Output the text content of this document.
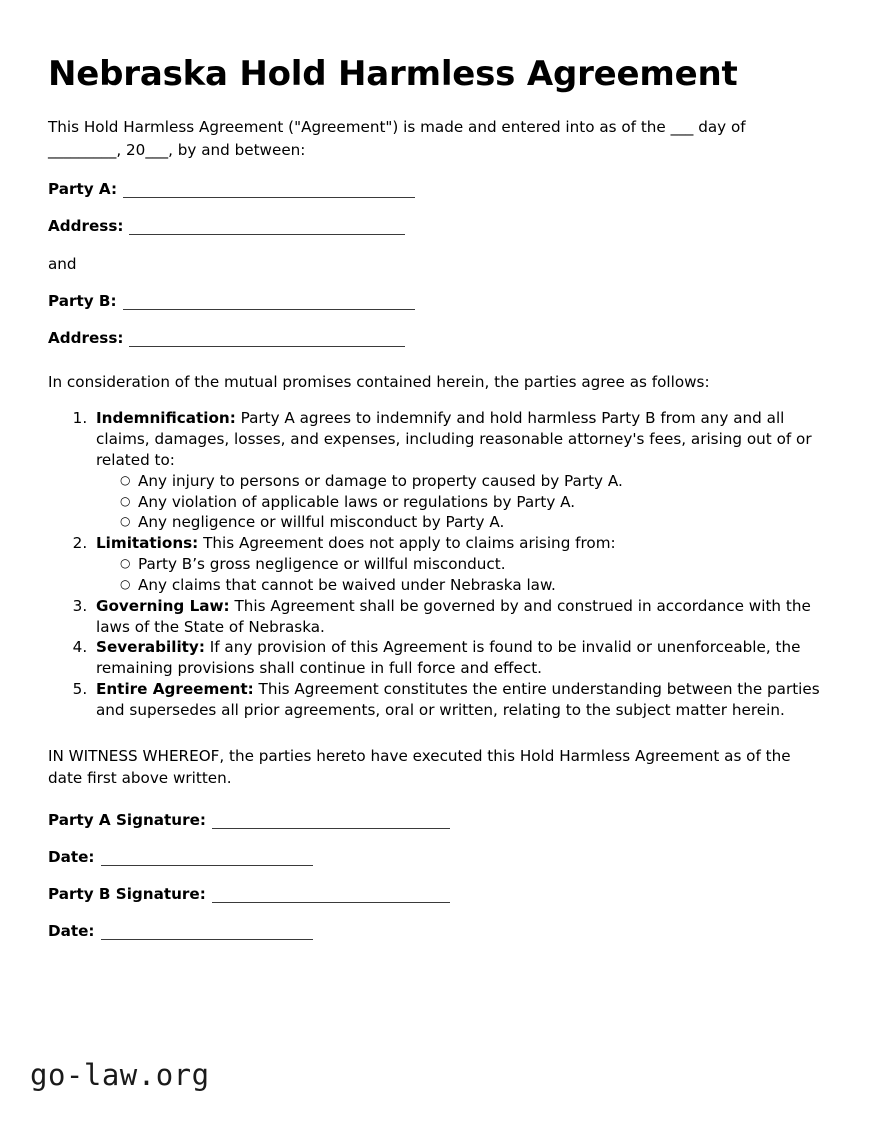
Nebraska Hold Harmless Agreement

This Hold Harmless Agreement ("Agreement") is made and entered into as of the ___ day of _________, 20___, by and between:

Party A:
Address:
and
Party B:
Address:

In consideration of the mutual promises contained herein, the parties agree as follows:

1. Indemnification: Party A agrees to indemnify and hold harmless Party B from any and all claims, damages, losses, and expenses, including reasonable attorney's fees, arising out of or related to:
○ Any injury to persons or damage to property caused by Party A.
○ Any violation of applicable laws or regulations by Party A.
○ Any negligence or willful misconduct by Party A.
2. Limitations: This Agreement does not apply to claims arising from:
○ Party B’s gross negligence or willful misconduct.
○ Any claims that cannot be waived under Nebraska law.
3. Governing Law: This Agreement shall be governed by and construed in accordance with the laws of the State of Nebraska.
4. Severability: If any provision of this Agreement is found to be invalid or unenforceable, the remaining provisions shall continue in full force and effect.
5. Entire Agreement: This Agreement constitutes the entire understanding between the parties and supersedes all prior agreements, oral or written, relating to the subject matter herein.

IN WITNESS WHEREOF, the parties hereto have executed this Hold Harmless Agreement as of the date first above written.

Party A Signature:
Date:
Party B Signature:
Date:
go-law.org
